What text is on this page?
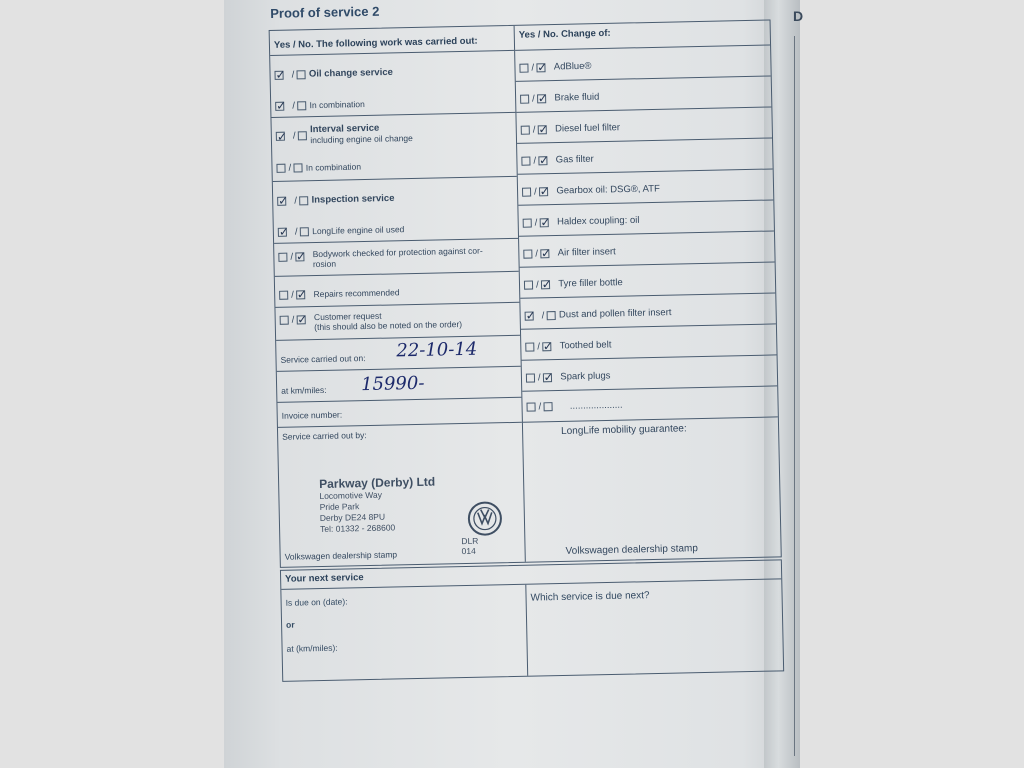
D
Proof of service 2
Yes / No. The following work was carried out:
✓ / Oil change service
✓ / In combination
✓ / Interval service
including engine oil change
/ In combination
✓ / Inspection service
✓ / LongLife engine oil used
/ ✓ Bodywork checked for protection against cor-
rosion
/ ✓ Repairs recommended
/ ✓ Customer request
(this should also be noted on the order)
Service carried out on: 22-10-14
at km/miles: 15990-
Invoice number:
Service carried out by:
Parkway (Derby) Ltd
Locomotive Way
Pride Park
Derby DE24 8PU
Tel: 01332 - 268600
DLR 014
Volkswagen dealership stamp
Yes / No. Change of:
/ ✓ AdBlue®
/ ✓ Brake fluid
/ ✓ Diesel fuel filter
/ ✓ Gas filter
/ ✓ Gearbox oil: DSG®, ATF
/ ✓ Haldex coupling: oil
/ ✓ Air filter insert
/ ✓ Tyre filler bottle
✓ / Dust and pollen filter insert
/ ✓ Toothed belt
/ ✓ Spark plugs
/	....................
LongLife mobility guarantee:
Volkswagen dealership stamp
Your next service
Is due on (date):
or
at (km/miles):
Which service is due next?
